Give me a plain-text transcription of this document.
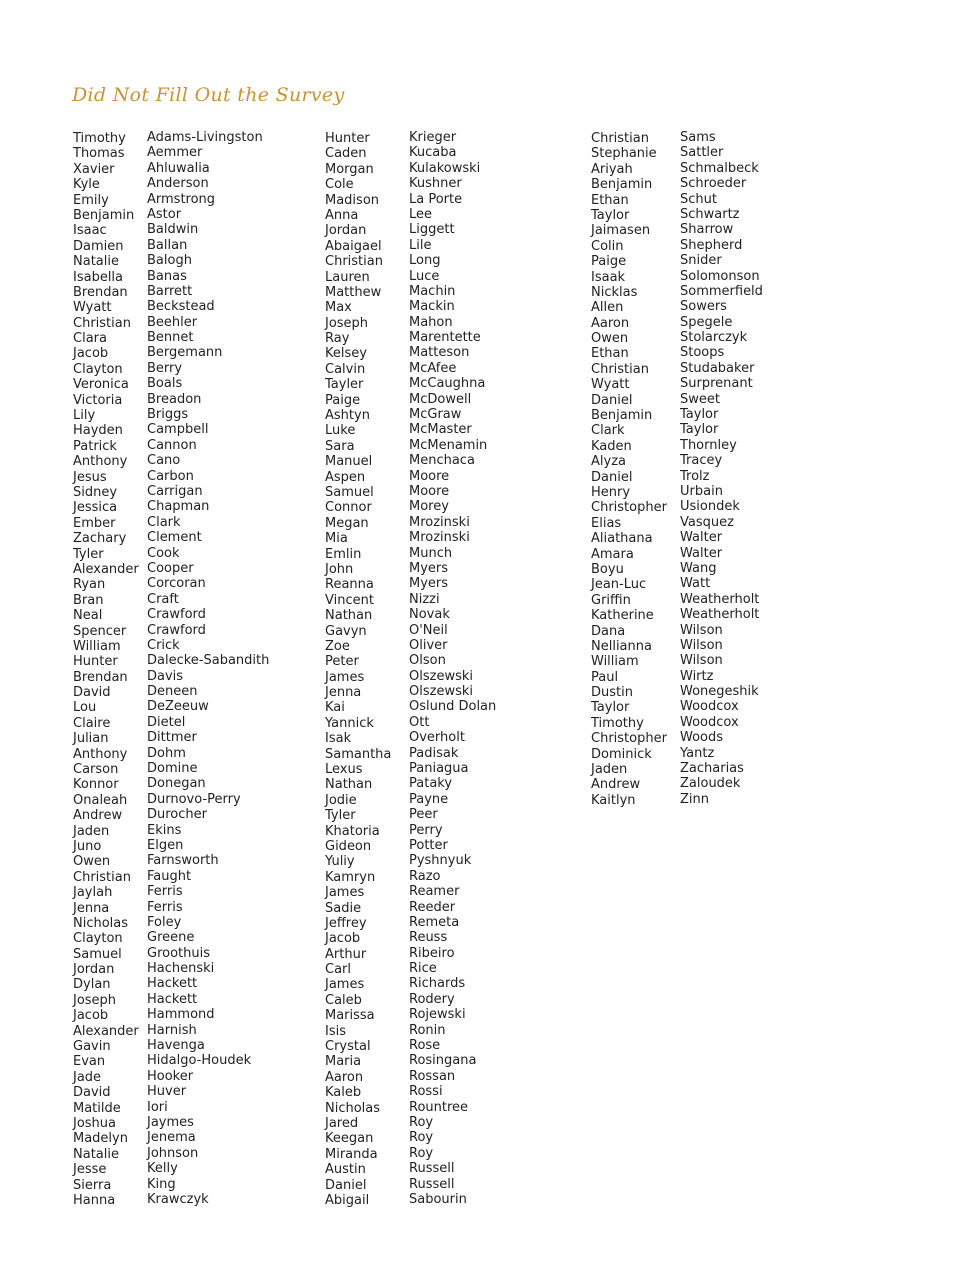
Did Not Fill Out the Survey
Timothy
Thomas
Xavier
Kyle
Emily
Benjamin
Isaac
Damien
Natalie
Isabella
Brendan
Wyatt
Christian
Clara
Jacob
Clayton
Veronica
Victoria
Lily
Hayden
Patrick
Anthony
Jesus
Sidney
Jessica
Ember
Zachary
Tyler
Alexander
Ryan
Bran
Neal
Spencer
William
Hunter
Brendan
David
Lou
Claire
Julian
Anthony
Carson
Konnor
Onaleah
Andrew
Jaden
Juno
Owen
Christian
Jaylah
Jenna
Nicholas
Clayton
Samuel
Jordan
Dylan
Joseph
Jacob
Alexander
Gavin
Evan
Jade
David
Matilde
Joshua
Madelyn
Natalie
Jesse
Sierra
Hanna
Adams-Livingston
Aemmer
Ahluwalia
Anderson
Armstrong
Astor
Baldwin
Ballan
Balogh
Banas
Barrett
Beckstead
Beehler
Bennet
Bergemann
Berry
Boals
Breadon
Briggs
Campbell
Cannon
Cano
Carbon
Carrigan
Chapman
Clark
Clement
Cook
Cooper
Corcoran
Craft
Crawford
Crawford
Crick
Dalecke-Sabandith
Davis
Deneen
DeZeeuw
Dietel
Dittmer
Dohm
Domine
Donegan
Durnovo-Perry
Durocher
Ekins
Elgen
Farnsworth
Faught
Ferris
Ferris
Foley
Greene
Groothuis
Hachenski
Hackett
Hackett
Hammond
Harnish
Havenga
Hidalgo-Houdek
Hooker
Huver
Iori
Jaymes
Jenema
Johnson
Kelly
King
Krawczyk
Hunter
Caden
Morgan
Cole
Madison
Anna
Jordan
Abaigael
Christian
Lauren
Matthew
Max
Joseph
Ray
Kelsey
Calvin
Tayler
Paige
Ashtyn
Luke
Sara
Manuel
Aspen
Samuel
Connor
Megan
Mia
Emlin
John
Reanna
Vincent
Nathan
Gavyn
Zoe
Peter
James
Jenna
Kai
Yannick
Isak
Samantha
Lexus
Nathan
Jodie
Tyler
Khatoria
Gideon
Yuliy
Kamryn
James
Sadie
Jeffrey
Jacob
Arthur
Carl
James
Caleb
Marissa
Isis
Crystal
Maria
Aaron
Kaleb
Nicholas
Jared
Keegan
Miranda
Austin
Daniel
Abigail
Krieger
Kucaba
Kulakowski
Kushner
La Porte
Lee
Liggett
Lile
Long
Luce
Machin
Mackin
Mahon
Marentette
Matteson
McAfee
McCaughna
McDowell
McGraw
McMaster
McMenamin
Menchaca
Moore
Moore
Morey
Mrozinski
Mrozinski
Munch
Myers
Myers
Nizzi
Novak
O'Neil
Oliver
Olson
Olszewski
Olszewski
Oslund Dolan
Ott
Overholt
Padisak
Paniagua
Pataky
Payne
Peer
Perry
Potter
Pyshnyuk
Razo
Reamer
Reeder
Remeta
Reuss
Ribeiro
Rice
Richards
Rodery
Rojewski
Ronin
Rose
Rosingana
Rossan
Rossi
Rountree
Roy
Roy
Roy
Russell
Russell
Sabourin
Christian
Stephanie
Ariyah
Benjamin
Ethan
Taylor
Jaimasen
Colin
Paige
Isaak
Nicklas
Allen
Aaron
Owen
Ethan
Christian
Wyatt
Daniel
Benjamin
Clark
Kaden
Alyza
Daniel
Henry
Christopher
Elias
Aliathana
Amara
Boyu
Jean-Luc
Griffin
Katherine
Dana
Nellianna
William
Paul
Dustin
Taylor
Timothy
Christopher
Dominick
Jaden
Andrew
Kaitlyn
Sams
Sattler
Schmalbeck
Schroeder
Schut
Schwartz
Sharrow
Shepherd
Snider
Solomonson
Sommerfield
Sowers
Spegele
Stolarczyk
Stoops
Studabaker
Surprenant
Sweet
Taylor
Taylor
Thornley
Tracey
Trolz
Urbain
Usiondek
Vasquez
Walter
Walter
Wang
Watt
Weatherholt
Weatherholt
Wilson
Wilson
Wilson
Wirtz
Wonegeshik
Woodcox
Woodcox
Woods
Yantz
Zacharias
Zaloudek
Zinn
